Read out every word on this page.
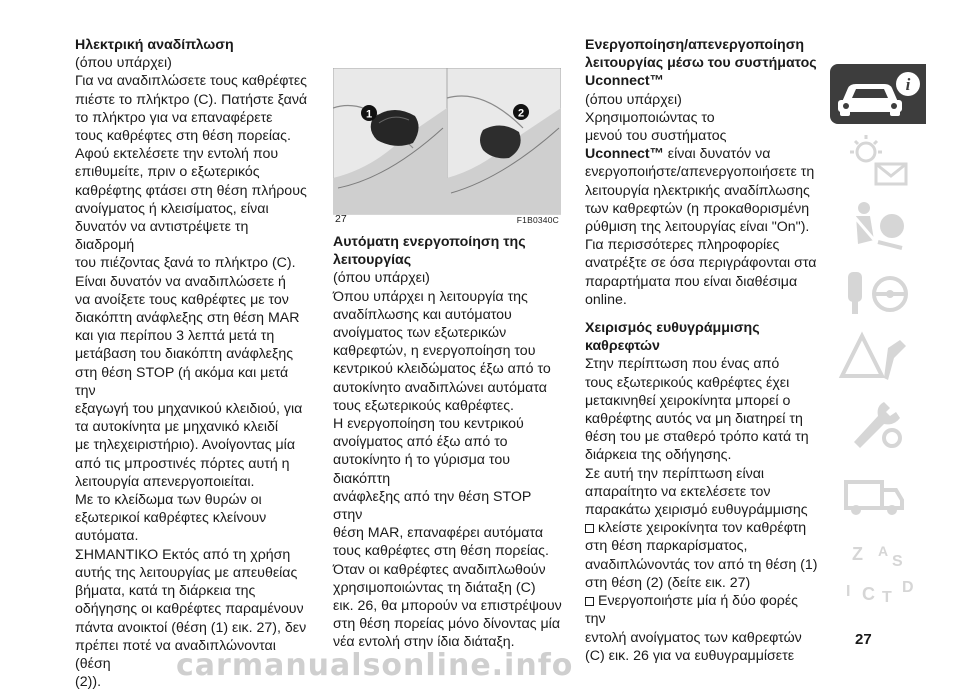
Ηλεκτρική αναδίπλωση

(όπου υπάρχει)

Για να αναδιπλώσετε τους καθρέφτες

πιέστε το πλήκτρο (C). Πατήστε ξανά

το πλήκτρο για να επαναφέρετε

τους καθρέφτες στη θέση πορείας.

Αφού εκτελέσετε την εντολή που

επιθυμείτε, πριν ο εξωτερικός

καθρέφτης φτάσει στη θέση πλήρους

ανοίγματος ή κλεισίματος, είναι

δυνατόν να αντιστρέψετε τη διαδρομή

του πιέζοντας ξανά το πλήκτρο (C).

Είναι δυνατόν να αναδιπλώσετε ή

να ανοίξετε τους καθρέφτες με τον

διακόπτη ανάφλεξης στη θέση MAR

και για περίπου 3 λεπτά μετά τη

μετάβαση του διακόπτη ανάφλεξης

στη θέση STOP (ή ακόμα και μετά την

εξαγωγή του μηχανικού κλειδιού, για

τα αυτοκίνητα με μηχανικό κλειδί

με τηλεχειριστήριο). Ανοίγοντας μία

από τις μπροστινές πόρτες αυτή η

λειτουργία απενεργοποιείται.

Με το κλείδωμα των θυρών οι

εξωτερικοί καθρέφτες κλείνουν

αυτόματα.

ΣΗΜΑΝΤΙΚΟ Εκτός από τη χρήση

αυτής της λειτουργίας με απευθείας

βήματα, κατά τη διάρκεια της

οδήγησης οι καθρέφτες παραμένουν

πάντα ανοικτοί (θέση (1) εικ. 27), δεν

πρέπει ποτέ να αναδιπλώνονται (θέση

(2)).

1	2
27	F1B0340C

Αυτόματη ενεργοποίηση της

λειτουργίας

(όπου υπάρχει)

Όπου υπάρχει η λειτουργία της

αναδίπλωσης και αυτόματου

ανοίγματος των εξωτερικών

καθρεφτών, η ενεργοποίηση του

κεντρικού κλειδώματος έξω από το

αυτοκίνητο αναδιπλώνει αυτόματα

τους εξωτερικούς καθρέφτες.

Η ενεργοποίηση του κεντρικού

ανοίγματος από έξω από το

αυτοκίνητο ή το γύρισμα του διακόπτη

ανάφλεξης από την θέση STOP στην

θέση MAR, επαναφέρει αυτόματα

τους καθρέφτες στη θέση πορείας.

Όταν οι καθρέφτες αναδιπλωθούν

χρησιμοποιώντας τη διάταξη (C)

εικ. 26, θα μπορούν να επιστρέψουν

στη θέση πορείας μόνο δίνοντας μία

νέα εντολή στην ίδια διάταξη.

Ενεργοποίηση/απενεργοποίηση

λειτουργίας μέσω του συστήματος

Uconnect™

(όπου υπάρχει)

Χρησιμοποιώντας το

μενού του συστήματος

Uconnect™ είναι δυνατόν να

ενεργοποιήστε/απενεργοποιήσετε τη

λειτουργία ηλεκτρικής αναδίπλωσης

των καθρεφτών (η προκαθορισμένη

ρύθμιση της λειτουργίας είναι "On").

Για περισσότερες πληροφορίες

ανατρέξτε σε όσα περιγράφονται στα

παραρτήματα που είναι διαθέσιμα

online.

Χειρισμός ευθυγράμμισης

καθρεφτών

Στην περίπτωση που ένας από

τους εξωτερικούς καθρέφτες έχει

μετακινηθεί χειροκίνητα μπορεί ο

καθρέφτης αυτός να μη διατηρεί τη

θέση του με σταθερό τρόπο κατά τη

διάρκεια της οδήγησης.

Σε αυτή την περίπτωση είναι

απαραίτητο να εκτελέσετε τον

παρακάτω χειρισμό ευθυγράμμισης

κλείστε χειροκίνητα τον καθρέφτη

στη θέση παρκαρίσματος,

αναδιπλώνοντάς τον από τη θέση (1)

στη θέση (2) (δείτε εικ. 27)

Ενεργοποιήστε μία ή δύο φορές την

εντολή ανοίγματος των καθρεφτών

(C) εικ. 26 για να ευθυγραμμίσετε

i
Z A
S
D
I C T
27
carmanualsonline.info
